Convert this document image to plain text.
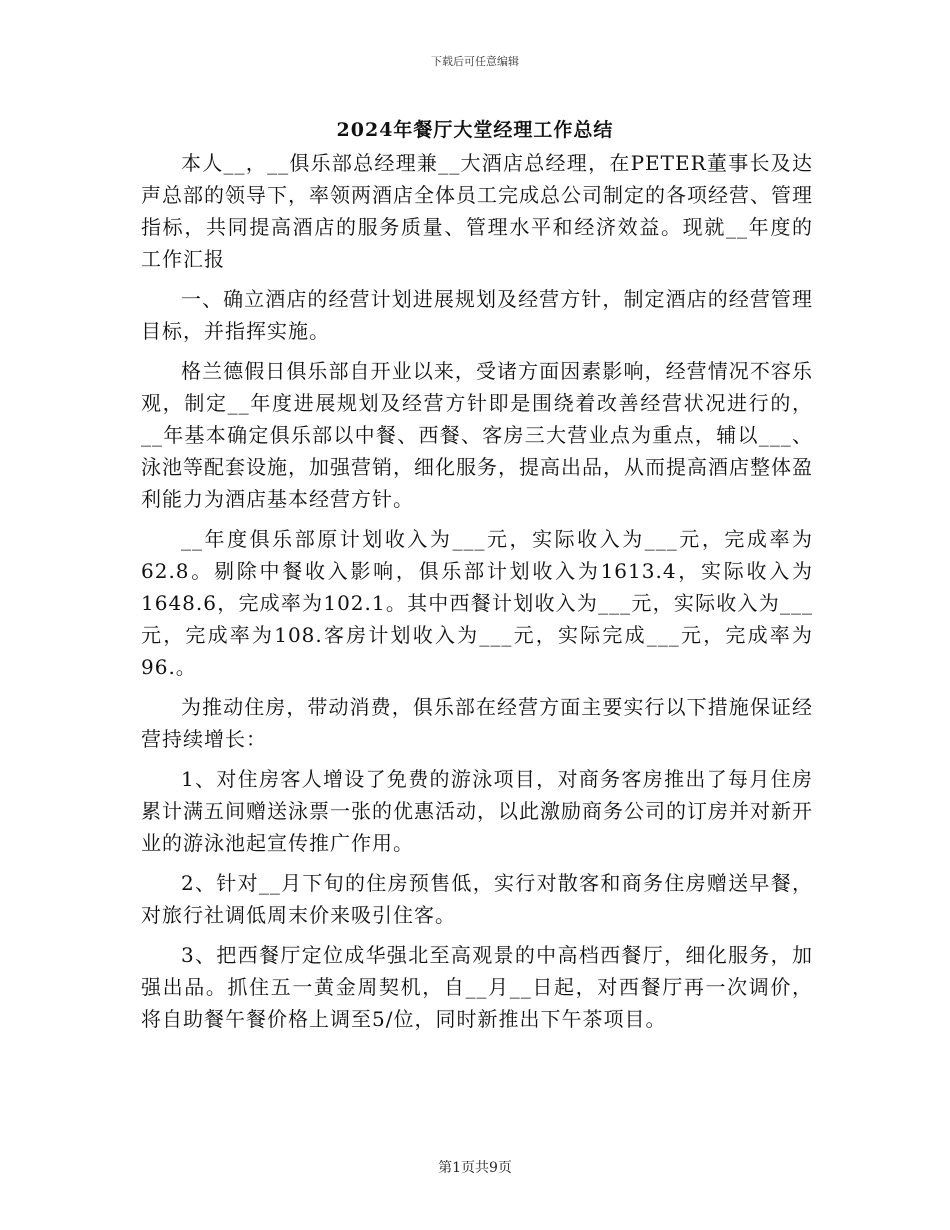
下载后可任意编辑
2024年餐厅大堂经理工作总结

本人__，__俱乐部总经理兼__大酒店总经理，在PETER董事长及达声总部的领导下，率领两酒店全体员工完成总公司制定的各项经营、管理指标，共同提高酒店的服务质量、管理水平和经济效益。现就__年度的工作汇报

一、确立酒店的经营计划进展规划及经营方针，制定酒店的经营管理目标，并指挥实施。

格兰德假日俱乐部自开业以来，受诸方面因素影响，经营情况不容乐观，制定__年度进展规划及经营方针即是围绕着改善经营状况进行的，__年基本确定俱乐部以中餐、西餐、客房三大营业点为重点，辅以___、泳池等配套设施，加强营销，细化服务，提高出品，从而提高酒店整体盈利能力为酒店基本经营方针。

__年度俱乐部原计划收入为___元，实际收入为___元，完成率为62.8。剔除中餐收入影响，俱乐部计划收入为1613.4，实际收入为1648.6，完成率为102.1。其中西餐计划收入为___元，实际收入为___元，完成率为108.客房计划收入为___元，实际完成___元，完成率为96.。

为推动住房，带动消费，俱乐部在经营方面主要实行以下措施保证经营持续增长：

1、对住房客人增设了免费的游泳项目，对商务客房推出了每月住房累计满五间赠送泳票一张的优惠活动，以此激励商务公司的订房并对新开业的游泳池起宣传推广作用。

2、针对__月下旬的住房预售低，实行对散客和商务住房赠送早餐，对旅行社调低周末价来吸引住客。

3、把西餐厅定位成华强北至高观景的中高档西餐厅，细化服务，加强出品。抓住五一黄金周契机，自__月__日起，对西餐厅再一次调价，将自助餐午餐价格上调至5/位，同时新推出下午茶项目。

第1页共9页
